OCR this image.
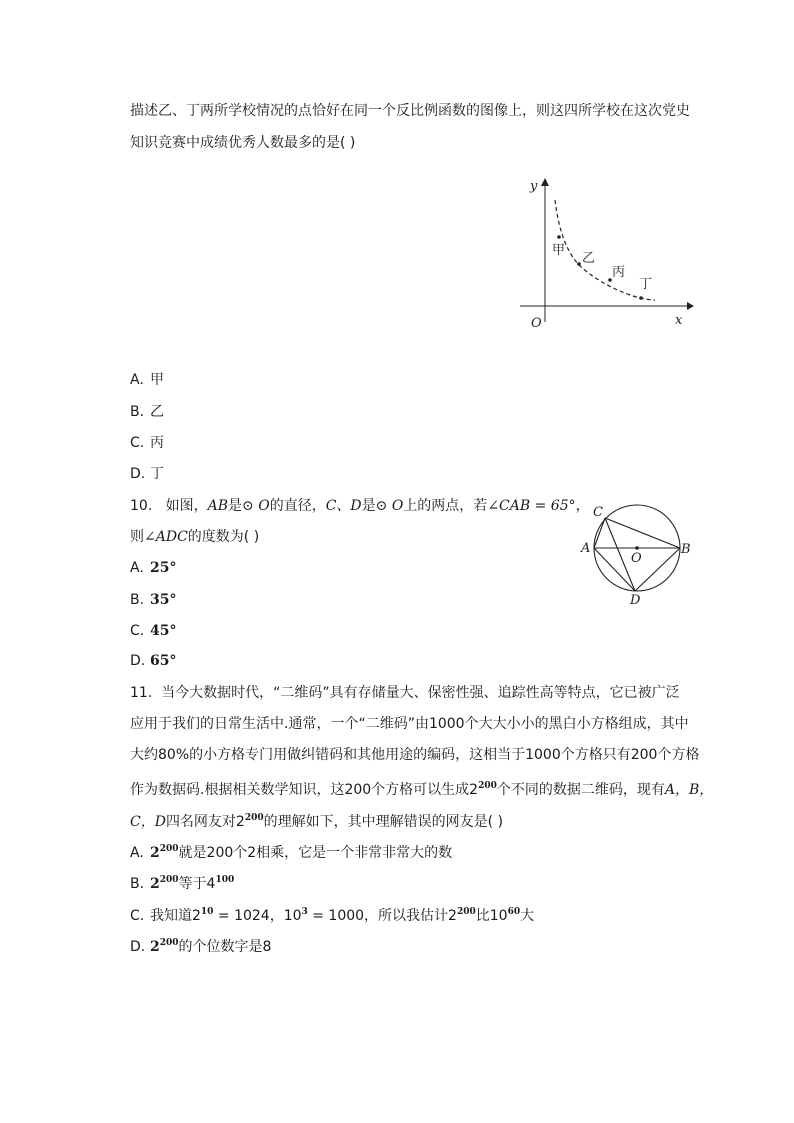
描述乙、丁两所学校情况的点恰好在同一个反比例函数的图像上，则这四所学校在这次党史
知识竞赛中成绩优秀人数最多的是( )
甲
乙
丙
丁
y
x
O
A. 甲
B. 乙
C. 丙
D. 丁
10. 如图，AB是⊙ O的直径，C、D是⊙ O上的两点，若∠CAB = 65°，
则∠ADC的度数为( )
C
A
O
B
D
A. 25°
B. 35°
C. 45°
D. 65°
11. 当今大数据时代，“二维码”具有存储量大、保密性强、追踪性高等特点，它已被广泛
应用于我们的日常生活中.通常，一个“二维码”由1000个大大小小的黑白小方格组成，其中
大约80%的小方格专门用做纠错码和其他用途的编码，这相当于1000个方格只有200个方格
作为数据码.根据相关数学知识，这200个方格可以生成$2^{200}$个不同的数据二维码，现有A，B，
C，D四名网友对$2^{200}$的理解如下，其中理解错误的网友是( )
A. $2^{200}$就是200个2相乘，它是一个非常非常大的数
B. $2^{200}$等于$4^{100}$
C. 我知道$2^{10} = 1024$，$10^3 = 1000$，所以我估计$2^{200}$比$10^{60}$大
D. $2^{200}$的个位数字是8
